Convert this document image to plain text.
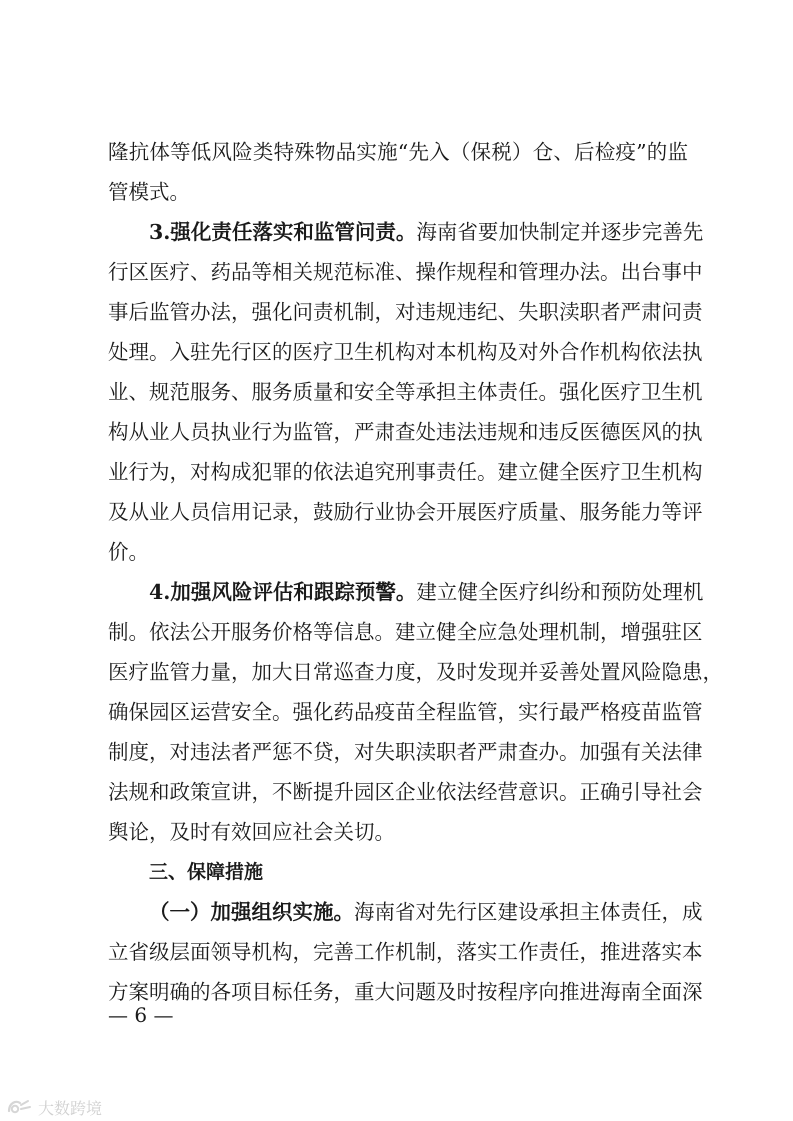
隆抗体等低风险类特殊物品实施“先入（保税）仓、后检疫”的监
管模式。
3.强化责任落实和监管问责。海南省要加快制定并逐步完善先
行区医疗、药品等相关规范标准、操作规程和管理办法。出台事中
事后监管办法，强化问责机制，对违规违纪、失职渎职者严肃问责
处理。入驻先行区的医疗卫生机构对本机构及对外合作机构依法执
业、规范服务、服务质量和安全等承担主体责任。强化医疗卫生机
构从业人员执业行为监管，严肃查处违法违规和违反医德医风的执
业行为，对构成犯罪的依法追究刑事责任。建立健全医疗卫生机构
及从业人员信用记录，鼓励行业协会开展医疗质量、服务能力等评
价。
4.加强风险评估和跟踪预警。建立健全医疗纠纷和预防处理机
制。依法公开服务价格等信息。建立健全应急处理机制，增强驻区
医疗监管力量，加大日常巡查力度，及时发现并妥善处置风险隐患，
确保园区运营安全。强化药品疫苗全程监管，实行最严格疫苗监管
制度，对违法者严惩不贷，对失职渎职者严肃查办。加强有关法律
法规和政策宣讲，不断提升园区企业依法经营意识。正确引导社会
舆论，及时有效回应社会关切。
三、保障措施
（一）加强组织实施。海南省对先行区建设承担主体责任，成
立省级层面领导机构，完善工作机制，落实工作责任，推进落实本
方案明确的各项目标任务，重大问题及时按程序向推进海南全面深
— 6 —
大数跨境
